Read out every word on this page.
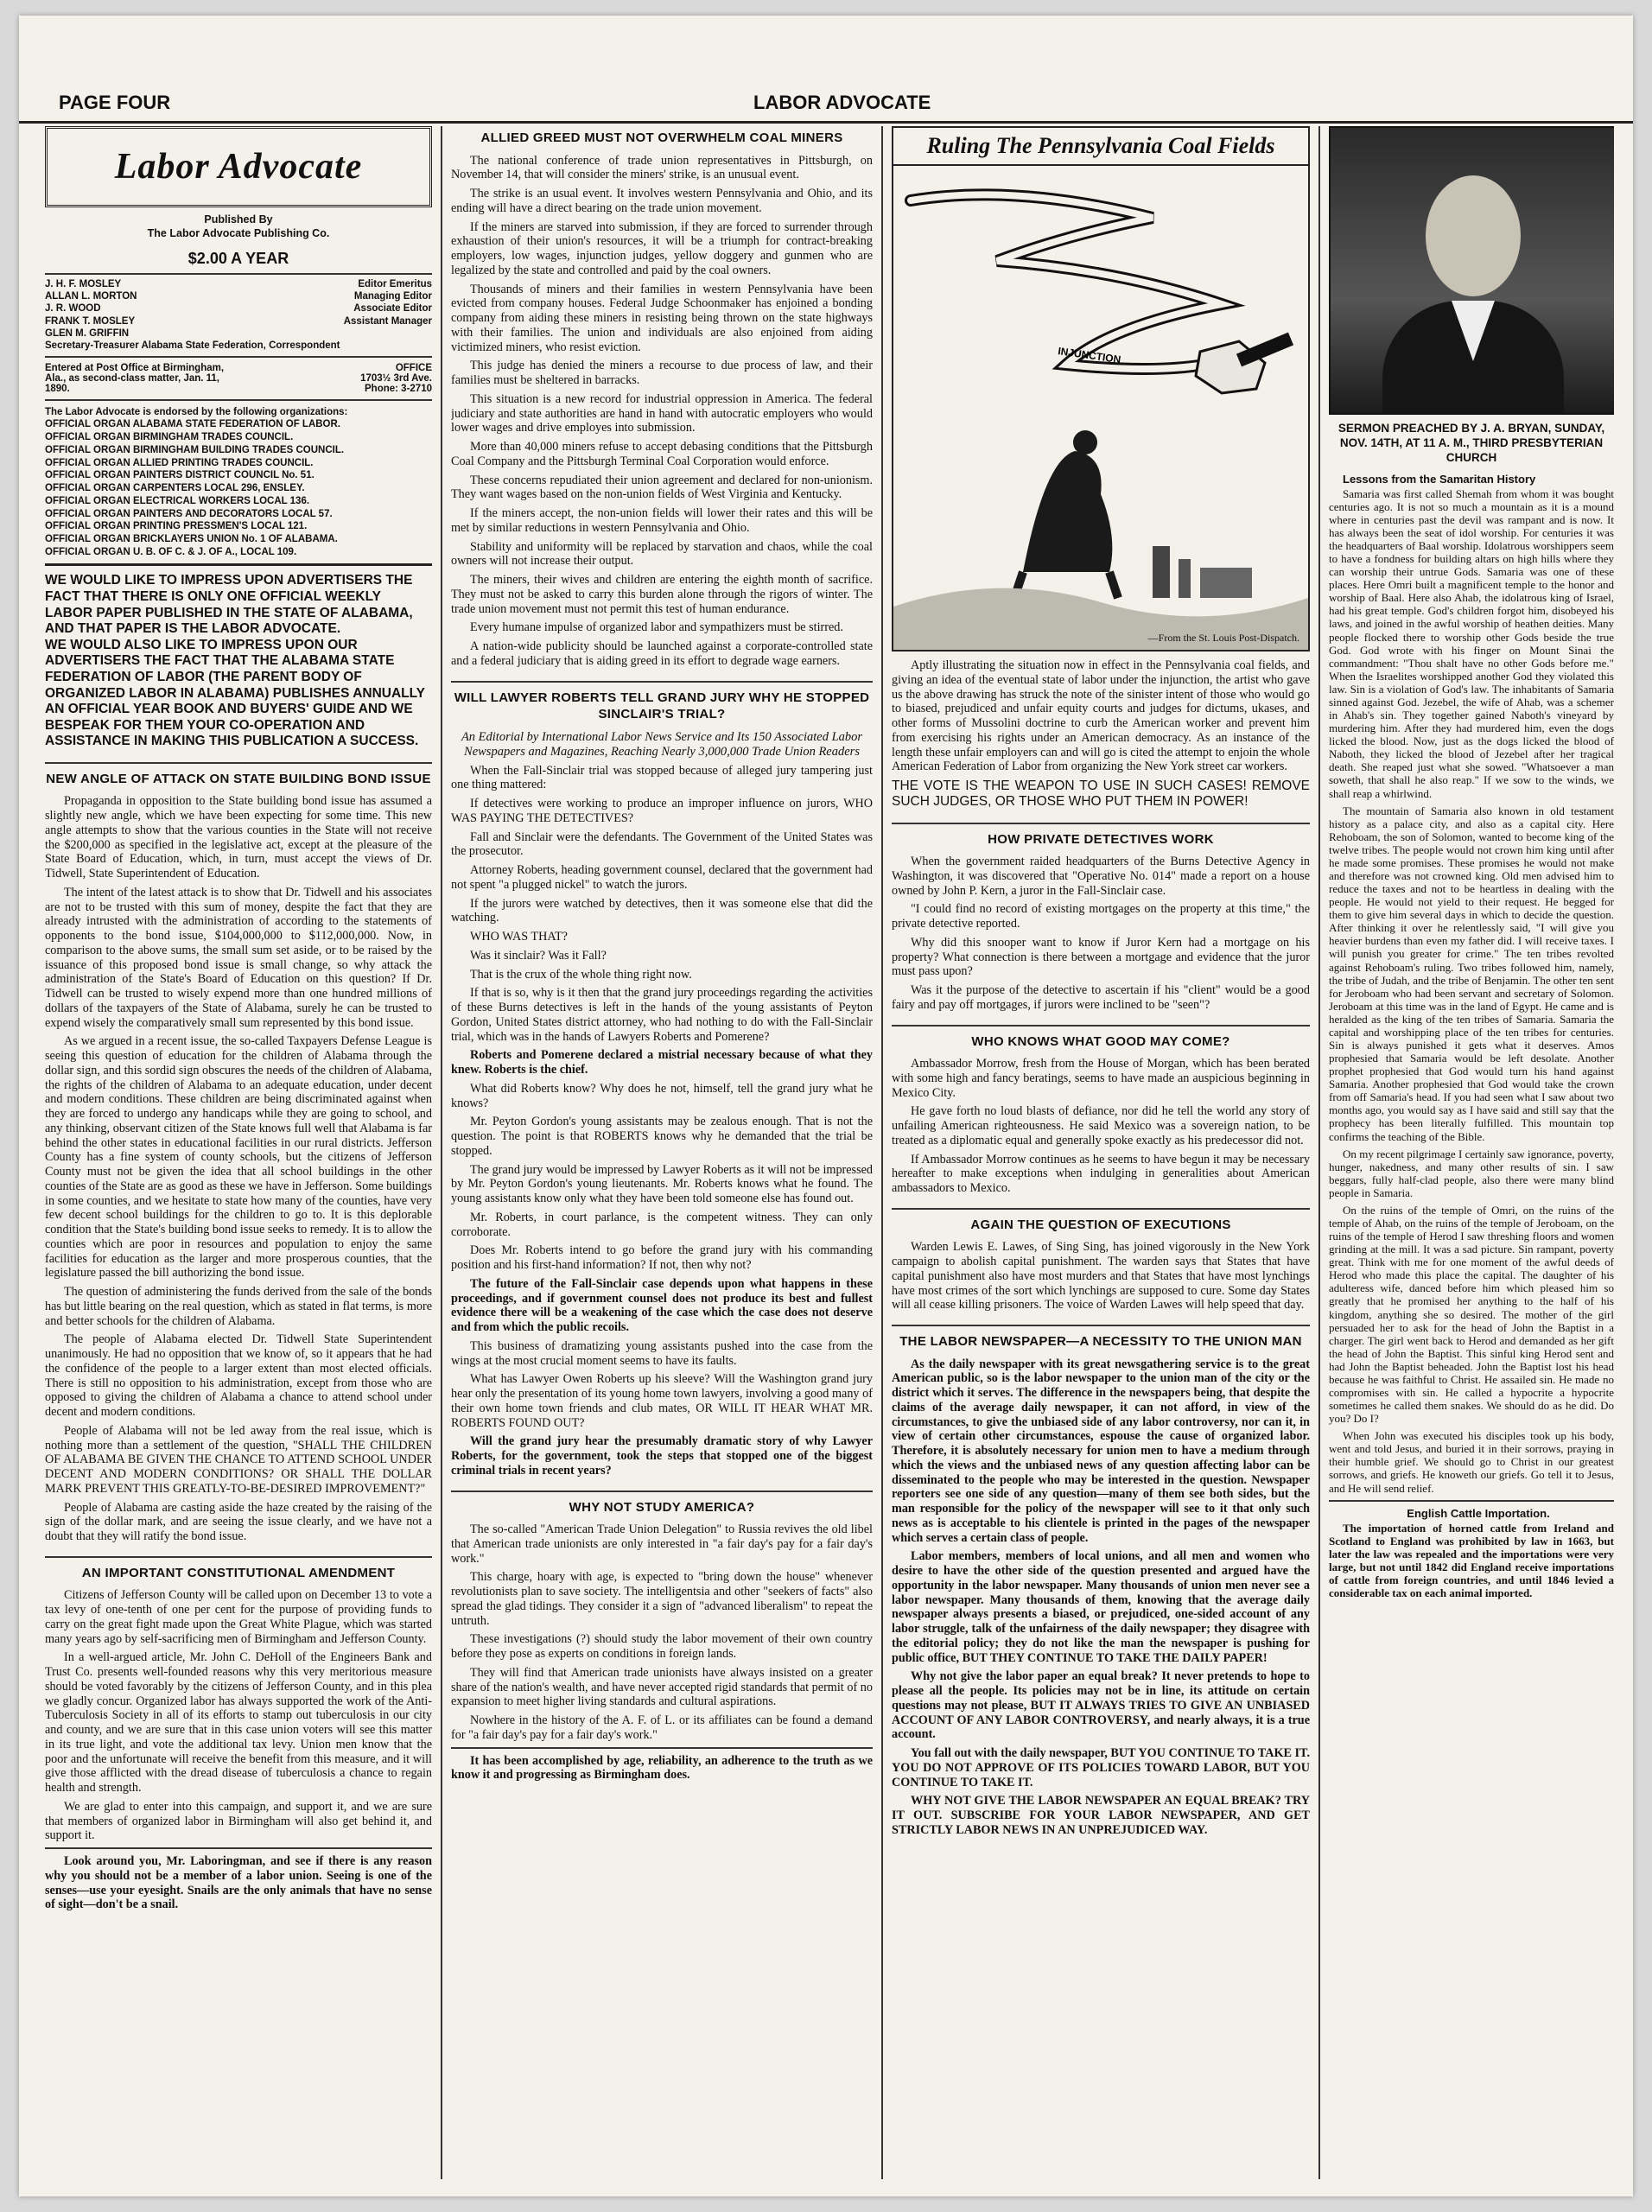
PAGE FOUR	LABOR ADVOCATE
Labor Advocate
Published By
The Labor Advocate Publishing Co.
$2.00 A YEAR
J. H. F. MOSLEY	Editor Emeritus
ALLAN L. MORTON	Managing Editor
J. R. WOOD	Associate Editor
FRANK T. MOSLEY	Assistant Manager
GLEN M. GRIFFIN
Secretary-Treasurer Alabama State Federation, Correspondent
Entered at Post Office at Birmingham, Ala., as second-class matter, Jan. 11, 1890.
OFFICE
1703½ 3rd Ave.
Phone: 3-2710
The Labor Advocate is endorsed by the following organizations:
OFFICIAL ORGAN ALABAMA STATE FEDERATION OF LABOR.
OFFICIAL ORGAN BIRMINGHAM TRADES COUNCIL.
OFFICIAL ORGAN BIRMINGHAM BUILDING TRADES COUNCIL.
OFFICIAL ORGAN ALLIED PRINTING TRADES COUNCIL.
OFFICIAL ORGAN PAINTERS DISTRICT COUNCIL No. 51.
OFFICIAL ORGAN CARPENTERS LOCAL 296, ENSLEY.
OFFICIAL ORGAN ELECTRICAL WORKERS LOCAL 136.
OFFICIAL ORGAN PAINTERS AND DECORATORS LOCAL 57.
OFFICIAL ORGAN PRINTING PRESSMEN'S LOCAL 121.
OFFICIAL ORGAN BRICKLAYERS UNION No. 1 OF ALABAMA.
OFFICIAL ORGAN U. B. OF C. & J. OF A., LOCAL 109.

WE WOULD LIKE TO IMPRESS UPON ADVERTISERS THE FACT THAT THERE IS ONLY ONE OFFICIAL WEEKLY LABOR PAPER PUBLISHED IN THE STATE OF ALABAMA, AND THAT PAPER IS THE LABOR ADVOCATE.
WE WOULD ALSO LIKE TO IMPRESS UPON OUR ADVERTISERS THE FACT THAT THE ALABAMA STATE FEDERATION OF LABOR (THE PARENT BODY OF ORGANIZED LABOR IN ALABAMA) PUBLISHES ANNUALLY AN OFFICIAL YEAR BOOK AND BUYERS' GUIDE AND WE BESPEAK FOR THEM YOUR CO-OPERATION AND ASSISTANCE IN MAKING THIS PUBLICATION A SUCCESS.

NEW ANGLE OF ATTACK ON STATE BUILDING BOND ISSUE

Propaganda in opposition to the State building bond issue has assumed a slightly new angle, which we have been expecting for some time. This new angle attempts to show that the various counties in the State will not receive the $200,000 as specified in the legislative act, except at the pleasure of the State Board of Education, which, in turn, must accept the views of Dr. Tidwell, State Superintendent of Education.

The intent of the latest attack is to show that Dr. Tidwell and his associates are not to be trusted with this sum of money, despite the fact that they are already intrusted with the administration of according to the statements of opponents to the bond issue, $104,000,000 to $112,000,000. Now, in comparison to the above sums, the small sum set aside, or to be raised by the issuance of this proposed bond issue is small change, so why attack the administration of the State's Board of Education on this question? If Dr. Tidwell can be trusted to wisely expend more than one hundred millions of dollars of the taxpayers of the State of Alabama, surely he can be trusted to expend wisely the comparatively small sum represented by this bond issue.

As we argued in a recent issue, the so-called Taxpayers Defense League is seeing this question of education for the children of Alabama through the dollar sign, and this sordid sign obscures the needs of the children of Alabama, the rights of the children of Alabama to an adequate education, under decent and modern conditions. These children are being discriminated against when they are forced to undergo any handicaps while they are going to school, and any thinking, observant citizen of the State knows full well that Alabama is far behind the other states in educational facilities in our rural districts. Jefferson County has a fine system of county schools, but the citizens of Jefferson County must not be given the idea that all school buildings in the other counties of the State are as good as these we have in Jefferson. Some buildings in some counties, and we hesitate to state how many of the counties, have very few decent school buildings for the children to go to. It is this deplorable condition that the State's building bond issue seeks to remedy. It is to allow the counties which are poor in resources and population to enjoy the same facilities for education as the larger and more prosperous counties, that the legislature passed the bill authorizing the bond issue.

The question of administering the funds derived from the sale of the bonds has but little bearing on the real question, which as stated in flat terms, is more and better schools for the children of Alabama.

The people of Alabama elected Dr. Tidwell State Superintendent unanimously. He had no opposition that we know of, so it appears that he had the confidence of the people to a larger extent than most elected officials. There is still no opposition to his administration, except from those who are opposed to giving the children of Alabama a chance to attend school under decent and modern conditions.

People of Alabama will not be led away from the real issue, which is nothing more than a settlement of the question, "SHALL THE CHILDREN OF ALABAMA BE GIVEN THE CHANCE TO ATTEND SCHOOL UNDER DECENT AND MODERN CONDITIONS? OR SHALL THE DOLLAR MARK PREVENT THIS GREATLY-TO-BE-DESIRED IMPROVEMENT?"

People of Alabama are casting aside the haze created by the raising of the sign of the dollar mark, and are seeing the issue clearly, and we have not a doubt that they will ratify the bond issue.

AN IMPORTANT CONSTITUTIONAL AMENDMENT

Citizens of Jefferson County will be called upon on December 13 to vote a tax levy of one-tenth of one per cent for the purpose of providing funds to carry on the great fight made upon the Great White Plague, which was started many years ago by self-sacrificing men of Birmingham and Jefferson County.

In a well-argued article, Mr. John C. DeHoll of the Engineers Bank and Trust Co. presents well-founded reasons why this very meritorious measure should be voted favorably by the citizens of Jefferson County, and in this plea we gladly concur. Organized labor has always supported the work of the Anti-Tuberculosis Society in all of its efforts to stamp out tuberculosis in our city and county, and we are sure that in this case union voters will see this matter in its true light, and vote the additional tax levy. Union men know that the poor and the unfortunate will receive the benefit from this measure, and it will give those afflicted with the dread disease of tuberculosis a chance to regain health and strength.

We are glad to enter into this campaign, and support it, and we are sure that members of organized labor in Birmingham will also get behind it, and support it.

Look around you, Mr. Laboringman, and see if there is any reason why you should not be a member of a labor union. Seeing is one of the senses—use your eyesight. Snails are the only animals that have no sense of sight—don't be a snail.

ALLIED GREED MUST NOT OVERWHELM COAL MINERS

The national conference of trade union representatives in Pittsburgh, on November 14, that will consider the miners' strike, is an unusual event.

The strike is an usual event. It involves western Pennsylvania and Ohio, and its ending will have a direct bearing on the trade union movement.

If the miners are starved into submission, if they are forced to surrender through exhaustion of their union's resources, it will be a triumph for contract-breaking employers, low wages, injunction judges, yellow doggery and gunmen who are legalized by the state and controlled and paid by the coal owners.

Thousands of miners and their families in western Pennsylvania have been evicted from company houses. Federal Judge Schoonmaker has enjoined a bonding company from aiding these miners in resisting being thrown on the state highways with their families. The union and individuals are also enjoined from aiding victimized miners, who resist eviction.

This judge has denied the miners a recourse to due process of law, and their families must be sheltered in barracks.

This situation is a new record for industrial oppression in America. The federal judiciary and state authorities are hand in hand with autocratic employers who would lower wages and drive employes into submission.

More than 40,000 miners refuse to accept debasing conditions that the Pittsburgh Coal Company and the Pittsburgh Terminal Coal Corporation would enforce.

These concerns repudiated their union agreement and declared for non-unionism. They want wages based on the non-union fields of West Virginia and Kentucky.

If the miners accept, the non-union fields will lower their rates and this will be met by similar reductions in western Pennsylvania and Ohio.

Stability and uniformity will be replaced by starvation and chaos, while the coal owners will not increase their output.

The miners, their wives and children are entering the eighth month of sacrifice. They must not be asked to carry this burden alone through the rigors of winter. The trade union movement must not permit this test of human endurance.

Every humane impulse of organized labor and sympathizers must be stirred.

A nation-wide publicity should be launched against a corporate-controlled state and a federal judiciary that is aiding greed in its effort to degrade wage earners.

WILL LAWYER ROBERTS TELL GRAND JURY WHY HE STOPPED SINCLAIR'S TRIAL?

An Editorial by International Labor News Service and Its 150 Associated Labor Newspapers and Magazines, Reaching Nearly 3,000,000 Trade Union Readers

When the Fall-Sinclair trial was stopped because of alleged jury tampering just one thing mattered:

If detectives were working to produce an improper influence on jurors, WHO WAS PAYING THE DETECTIVES?

Fall and Sinclair were the defendants. The Government of the United States was the prosecutor.

Attorney Roberts, heading government counsel, declared that the government had not spent "a plugged nickel" to watch the jurors.

If the jurors were watched by detectives, then it was someone else that did the watching.

WHO WAS THAT?

Was it sinclair? Was it Fall?

That is the crux of the whole thing right now.

If that is so, why is it then that the grand jury proceedings regarding the activities of these Burns detectives is left in the hands of the young assistants of Peyton Gordon, United States district attorney, who had nothing to do with the Fall-Sinclair trial, which was in the hands of Lawyers Roberts and Pomerene?

Roberts and Pomerene declared a mistrial necessary because of what they knew. Roberts is the chief.

What did Roberts know? Why does he not, himself, tell the grand jury what he knows?

Mr. Peyton Gordon's young assistants may be zealous enough. That is not the question. The point is that ROBERTS knows why he demanded that the trial be stopped.

The grand jury would be impressed by Lawyer Roberts as it will not be impressed by Mr. Peyton Gordon's young lieutenants. Mr. Roberts knows what he found. The young assistants know only what they have been told someone else has found out.

Mr. Roberts, in court parlance, is the competent witness. They can only corroborate.

Does Mr. Roberts intend to go before the grand jury with his commanding position and his first-hand information? If not, then why not?

The future of the Fall-Sinclair case depends upon what happens in these proceedings, and if government counsel does not produce its best and fullest evidence there will be a weakening of the case which the case does not deserve and from which the public recoils.

This business of dramatizing young assistants pushed into the case from the wings at the most crucial moment seems to have its faults.

What has Lawyer Owen Roberts up his sleeve? Will the Washington grand jury hear only the presentation of its young home town lawyers, involving a good many of their own home town friends and club mates, OR WILL IT HEAR WHAT MR. ROBERTS FOUND OUT?

Will the grand jury hear the presumably dramatic story of why Lawyer Roberts, for the government, took the steps that stopped one of the biggest criminal trials in recent years?

WHY NOT STUDY AMERICA?

The so-called "American Trade Union Delegation" to Russia revives the old libel that American trade unionists are only interested in "a fair day's pay for a fair day's work."

This charge, hoary with age, is expected to "bring down the house" whenever revolutionists plan to save society. The intelligentsia and other "seekers of facts" also spread the glad tidings. They consider it a sign of "advanced liberalism" to repeat the untruth.

These investigations (?) should study the labor movement of their own country before they pose as experts on conditions in foreign lands.

They will find that American trade unionists have always insisted on a greater share of the nation's wealth, and have never accepted rigid standards that permit of no expansion to meet higher living standards and cultural aspirations.

Nowhere in the history of the A. F. of L. or its affiliates can be found a demand for "a fair day's pay for a fair day's work."

It has been accomplished by age, reliability, an adherence to the truth as we know it and progressing as Birmingham does.

Ruling The Pennsylvania Coal Fields
INJUNCTION
—From the St. Louis Post-Dispatch.

Aptly illustrating the situation now in effect in the Pennsylvania coal fields, and giving an idea of the eventual state of labor under the injunction, the artist who gave us the above drawing has struck the note of the sinister intent of those who would go to biased, prejudiced and unfair equity courts and judges for dictums, ukases, and other forms of Mussolini doctrine to curb the American worker and prevent him from exercising his rights under an American democracy. As an instance of the length these unfair employers can and will go is cited the attempt to enjoin the whole American Federation of Labor from organizing the New York street car workers.

THE VOTE IS THE WEAPON TO USE IN SUCH CASES! REMOVE SUCH JUDGES, OR THOSE WHO PUT THEM IN POWER!

HOW PRIVATE DETECTIVES WORK

When the government raided headquarters of the Burns Detective Agency in Washington, it was discovered that "Operative No. 014" made a report on a house owned by John P. Kern, a juror in the Fall-Sinclair case.

"I could find no record of existing mortgages on the property at this time," the private detective reported.

Why did this snooper want to know if Juror Kern had a mortgage on his property? What connection is there between a mortgage and evidence that the juror must pass upon?

Was it the purpose of the detective to ascertain if his "client" would be a good fairy and pay off mortgages, if jurors were inclined to be "seen"?

WHO KNOWS WHAT GOOD MAY COME?

Ambassador Morrow, fresh from the House of Morgan, which has been berated with some high and fancy beratings, seems to have made an auspicious beginning in Mexico City.

He gave forth no loud blasts of defiance, nor did he tell the world any story of unfailing American righteousness. He said Mexico was a sovereign nation, to be treated as a diplomatic equal and generally spoke exactly as his predecessor did not.

If Ambassador Morrow continues as he seems to have begun it may be necessary hereafter to make exceptions when indulging in generalities about American ambassadors to Mexico.

AGAIN THE QUESTION OF EXECUTIONS

Warden Lewis E. Lawes, of Sing Sing, has joined vigorously in the New York campaign to abolish capital punishment. The warden says that States that have capital punishment also have most murders and that States that have most lynchings have most crimes of the sort which lynchings are supposed to cure. Some day States will all cease killing prisoners. The voice of Warden Lawes will help speed that day.

THE LABOR NEWSPAPER—A NECESSITY TO THE UNION MAN

As the daily newspaper with its great newsgathering service is to the great American public, so is the labor newspaper to the union man of the city or the district which it serves. The difference in the newspapers being, that despite the claims of the average daily newspaper, it can not afford, in view of the circumstances, to give the unbiased side of any labor controversy, nor can it, in view of certain other circumstances, espouse the cause of organized labor. Therefore, it is absolutely necessary for union men to have a medium through which the views and the unbiased news of any question affecting labor can be disseminated to the people who may be interested in the question. Newspaper reporters see one side of any question—many of them see both sides, but the man responsible for the policy of the newspaper will see to it that only such news as is acceptable to his clientele is printed in the pages of the newspaper which serves a certain class of people.

Labor members, members of local unions, and all men and women who desire to have the other side of the question presented and argued have the opportunity in the labor newspaper. Many thousands of union men never see a labor newspaper. Many thousands of them, knowing that the average daily newspaper always presents a biased, or prejudiced, one-sided account of any labor struggle, talk of the unfairness of the daily newspaper; they disagree with the editorial policy; they do not like the man the newspaper is pushing for public office, BUT THEY CONTINUE TO TAKE THE DAILY PAPER!

Why not give the labor paper an equal break? It never pretends to hope to please all the people. Its policies may not be in line, its attitude on certain questions may not please, BUT IT ALWAYS TRIES TO GIVE AN UNBIASED ACCOUNT OF ANY LABOR CONTROVERSY, and nearly always, it is a true account.

You fall out with the daily newspaper, BUT YOU CONTINUE TO TAKE IT. YOU DO NOT APPROVE OF ITS POLICIES TOWARD LABOR, BUT YOU CONTINUE TO TAKE IT.

WHY NOT GIVE THE LABOR NEWSPAPER AN EQUAL BREAK? TRY IT OUT. SUBSCRIBE FOR YOUR LABOR NEWSPAPER, AND GET STRICTLY LABOR NEWS IN AN UNPREJUDICED WAY.

SERMON PREACHED BY J. A. BRYAN, SUNDAY, NOV. 14TH, AT 11 A. M., THIRD PRESBYTERIAN CHURCH

Lessons from the Samaritan History

Samaria was first called Shemah from whom it was bought centuries ago. It is not so much a mountain as it is a mound where in centuries past the devil was rampant and is now. It has always been the seat of idol worship. For centuries it was the headquarters of Baal worship. Idolatrous worshippers seem to have a fondness for building altars on high hills where they can worship their untrue Gods. Samaria was one of these places. Here Omri built a magnificent temple to the honor and worship of Baal. Here also Ahab, the idolatrous king of Israel, had his great temple. God's children forgot him, disobeyed his laws, and joined in the awful worship of heathen deities. Many people flocked there to worship other Gods beside the true God. God wrote with his finger on Mount Sinai the commandment: "Thou shalt have no other Gods before me." When the Israelites worshipped another God they violated this law. Sin is a violation of God's law. The inhabitants of Samaria sinned against God. Jezebel, the wife of Ahab, was a schemer in Ahab's sin. They together gained Naboth's vineyard by murdering him. After they had murdered him, even the dogs licked the blood. Now, just as the dogs licked the blood of Naboth, they licked the blood of Jezebel after her tragical death. She reaped just what she sowed. "Whatsoever a man soweth, that shall he also reap." If we sow to the winds, we shall reap a whirlwind.

The mountain of Samaria also known in old testament history as a palace city, and also as a capital city. Here Rehoboam, the son of Solomon, wanted to become king of the twelve tribes. The people would not crown him king until after he made some promises. These promises he would not make and therefore was not crowned king. Old men advised him to reduce the taxes and not to be heartless in dealing with the people. He would not yield to their request. He begged for them to give him several days in which to decide the question. After thinking it over he relentlessly said, "I will give you heavier burdens than even my father did. I will receive taxes. I will punish you greater for crime." The ten tribes revolted against Rehoboam's ruling. Two tribes followed him, namely, the tribe of Judah, and the tribe of Benjamin. The other ten sent for Jeroboam who had been servant and secretary of Solomon. Jeroboam at this time was in the land of Egypt. He came and is heralded as the king of the ten tribes of Samaria. Samaria the capital and worshipping place of the ten tribes for centuries. Sin is always punished it gets what it deserves. Amos prophesied that Samaria would be left desolate. Another prophet prophesied that God would turn his hand against Samaria. Another prophesied that God would take the crown from off Samaria's head. If you had seen what I saw about two months ago, you would say as I have said and still say that the prophecy has been literally fulfilled. This mountain top confirms the teaching of the Bible.

On my recent pilgrimage I certainly saw ignorance, poverty, hunger, nakedness, and many other results of sin. I saw beggars, fully half-clad people, also there were many blind people in Samaria.

On the ruins of the temple of Omri, on the ruins of the temple of Ahab, on the ruins of the temple of Jeroboam, on the ruins of the temple of Herod I saw threshing floors and women grinding at the mill. It was a sad picture. Sin rampant, poverty great. Think with me for one moment of the awful deeds of Herod who made this place the capital. The daughter of his adulteress wife, danced before him which pleased him so greatly that he promised her anything to the half of his kingdom, anything she so desired. The mother of the girl persuaded her to ask for the head of John the Baptist in a charger. The girl went back to Herod and demanded as her gift the head of John the Baptist. This sinful king Herod sent and had John the Baptist beheaded. John the Baptist lost his head because he was faithful to Christ. He assailed sin. He made no compromises with sin. He called a hypocrite a hypocrite sometimes he called them snakes. We should do as he did. Do you? Do I?

When John was executed his disciples took up his body, went and told Jesus, and buried it in their sorrows, praying in their humble grief. We should go to Christ in our greatest sorrows, and griefs. He knoweth our griefs. Go tell it to Jesus, and He will send relief.

English Cattle Importation.

The importation of horned cattle from Ireland and Scotland to England was prohibited by law in 1663, but later the law was repealed and the importations were very large, but not until 1842 did England receive importations of cattle from foreign countries, and until 1846 levied a considerable tax on each animal imported.
